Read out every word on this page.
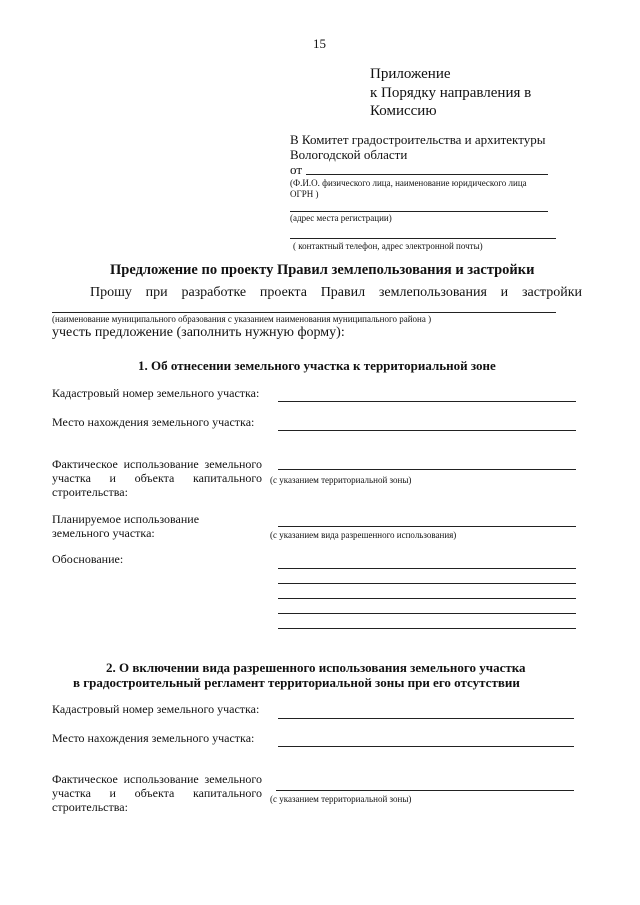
15
Приложение
к Порядку направления в
Комиссию
В Комитет градостроительства и архитектуры
Вологодской области
от
(Ф.И.О. физического лица, наименование юридического лица
ОГРН )
(адрес места регистрации)
( контактный телефон, адрес электронной почты)
Предложение по проекту Правил землепользования и застройки
Прошу при разработке проекта Правил землепользования и застройки
(наименование муниципального образования с указанием наименования муниципального района )
учесть предложение (заполнить нужную форму):
1. Об отнесении земельного участка к территориальной зоне
Кадастровый номер земельного участка:
Место нахождения земельного участка:
Фактическое использование земельного
участка и объекта капитального
строительства:
(с указанием территориальной зоны)
Планируемое использование
земельного участка:	(с указанием вида разрешенного использования)
Обоснование:
2. О включении вида разрешенного использования земельного участка
в градостроительный регламент территориальной зоны при его отсутствии
Кадастровый номер земельного участка:
Место нахождения земельного участка:
Фактическое использование земельного
участка и объекта капитального
строительства:
(с указанием территориальной зоны)
